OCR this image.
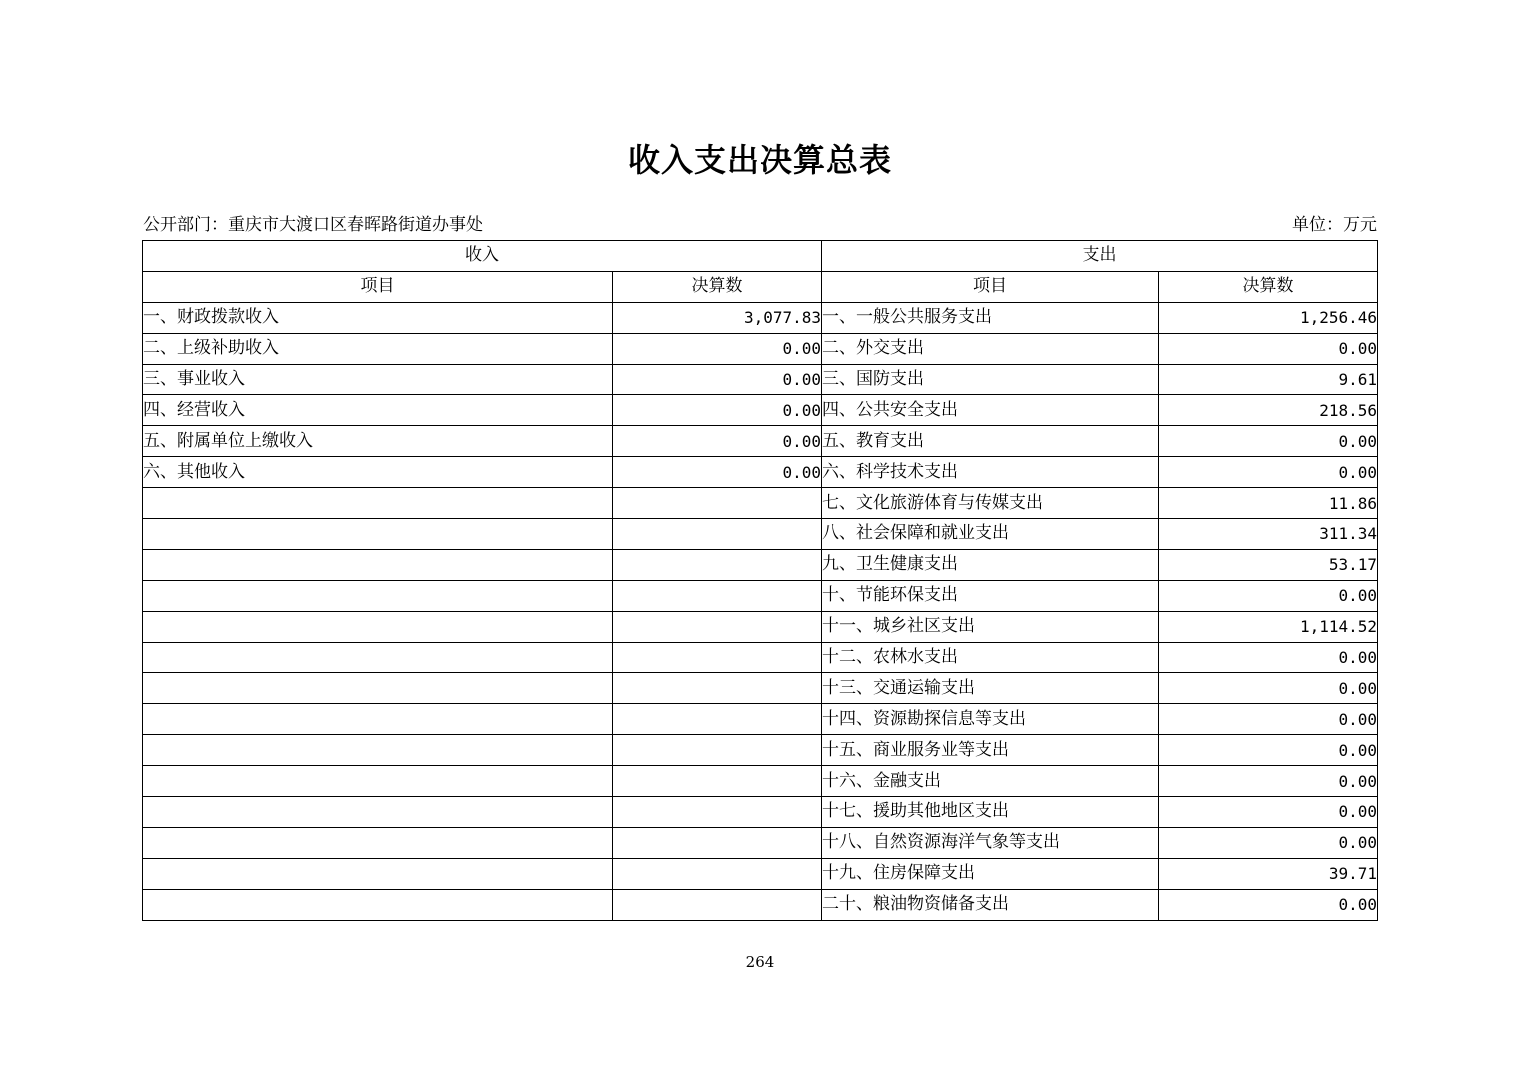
收入支出决算总表
公开部门：重庆市大渡口区春晖路街道办事处	单位：万元
收入		支出	
项目	决算数	项目	决算数
一、财政拨款收入	3,077.83	一、一般公共服务支出	1,256.46
二、上级补助收入	0.00	二、外交支出	0.00
三、事业收入	0.00	三、国防支出	9.61
四、经营收入	0.00	四、公共安全支出	218.56
五、附属单位上缴收入	0.00	五、教育支出	0.00
六、其他收入	0.00	六、科学技术支出	0.00
		七、文化旅游体育与传媒支出	11.86
		八、社会保障和就业支出	311.34
		九、卫生健康支出	53.17
		十、节能环保支出	0.00
		十一、城乡社区支出	1,114.52
		十二、农林水支出	0.00
		十三、交通运输支出	0.00
		十四、资源勘探信息等支出	0.00
		十五、商业服务业等支出	0.00
		十六、金融支出	0.00
		十七、援助其他地区支出	0.00
		十八、自然资源海洋气象等支出	0.00
		十九、住房保障支出	39.71
		二十、粮油物资储备支出	0.00
264
